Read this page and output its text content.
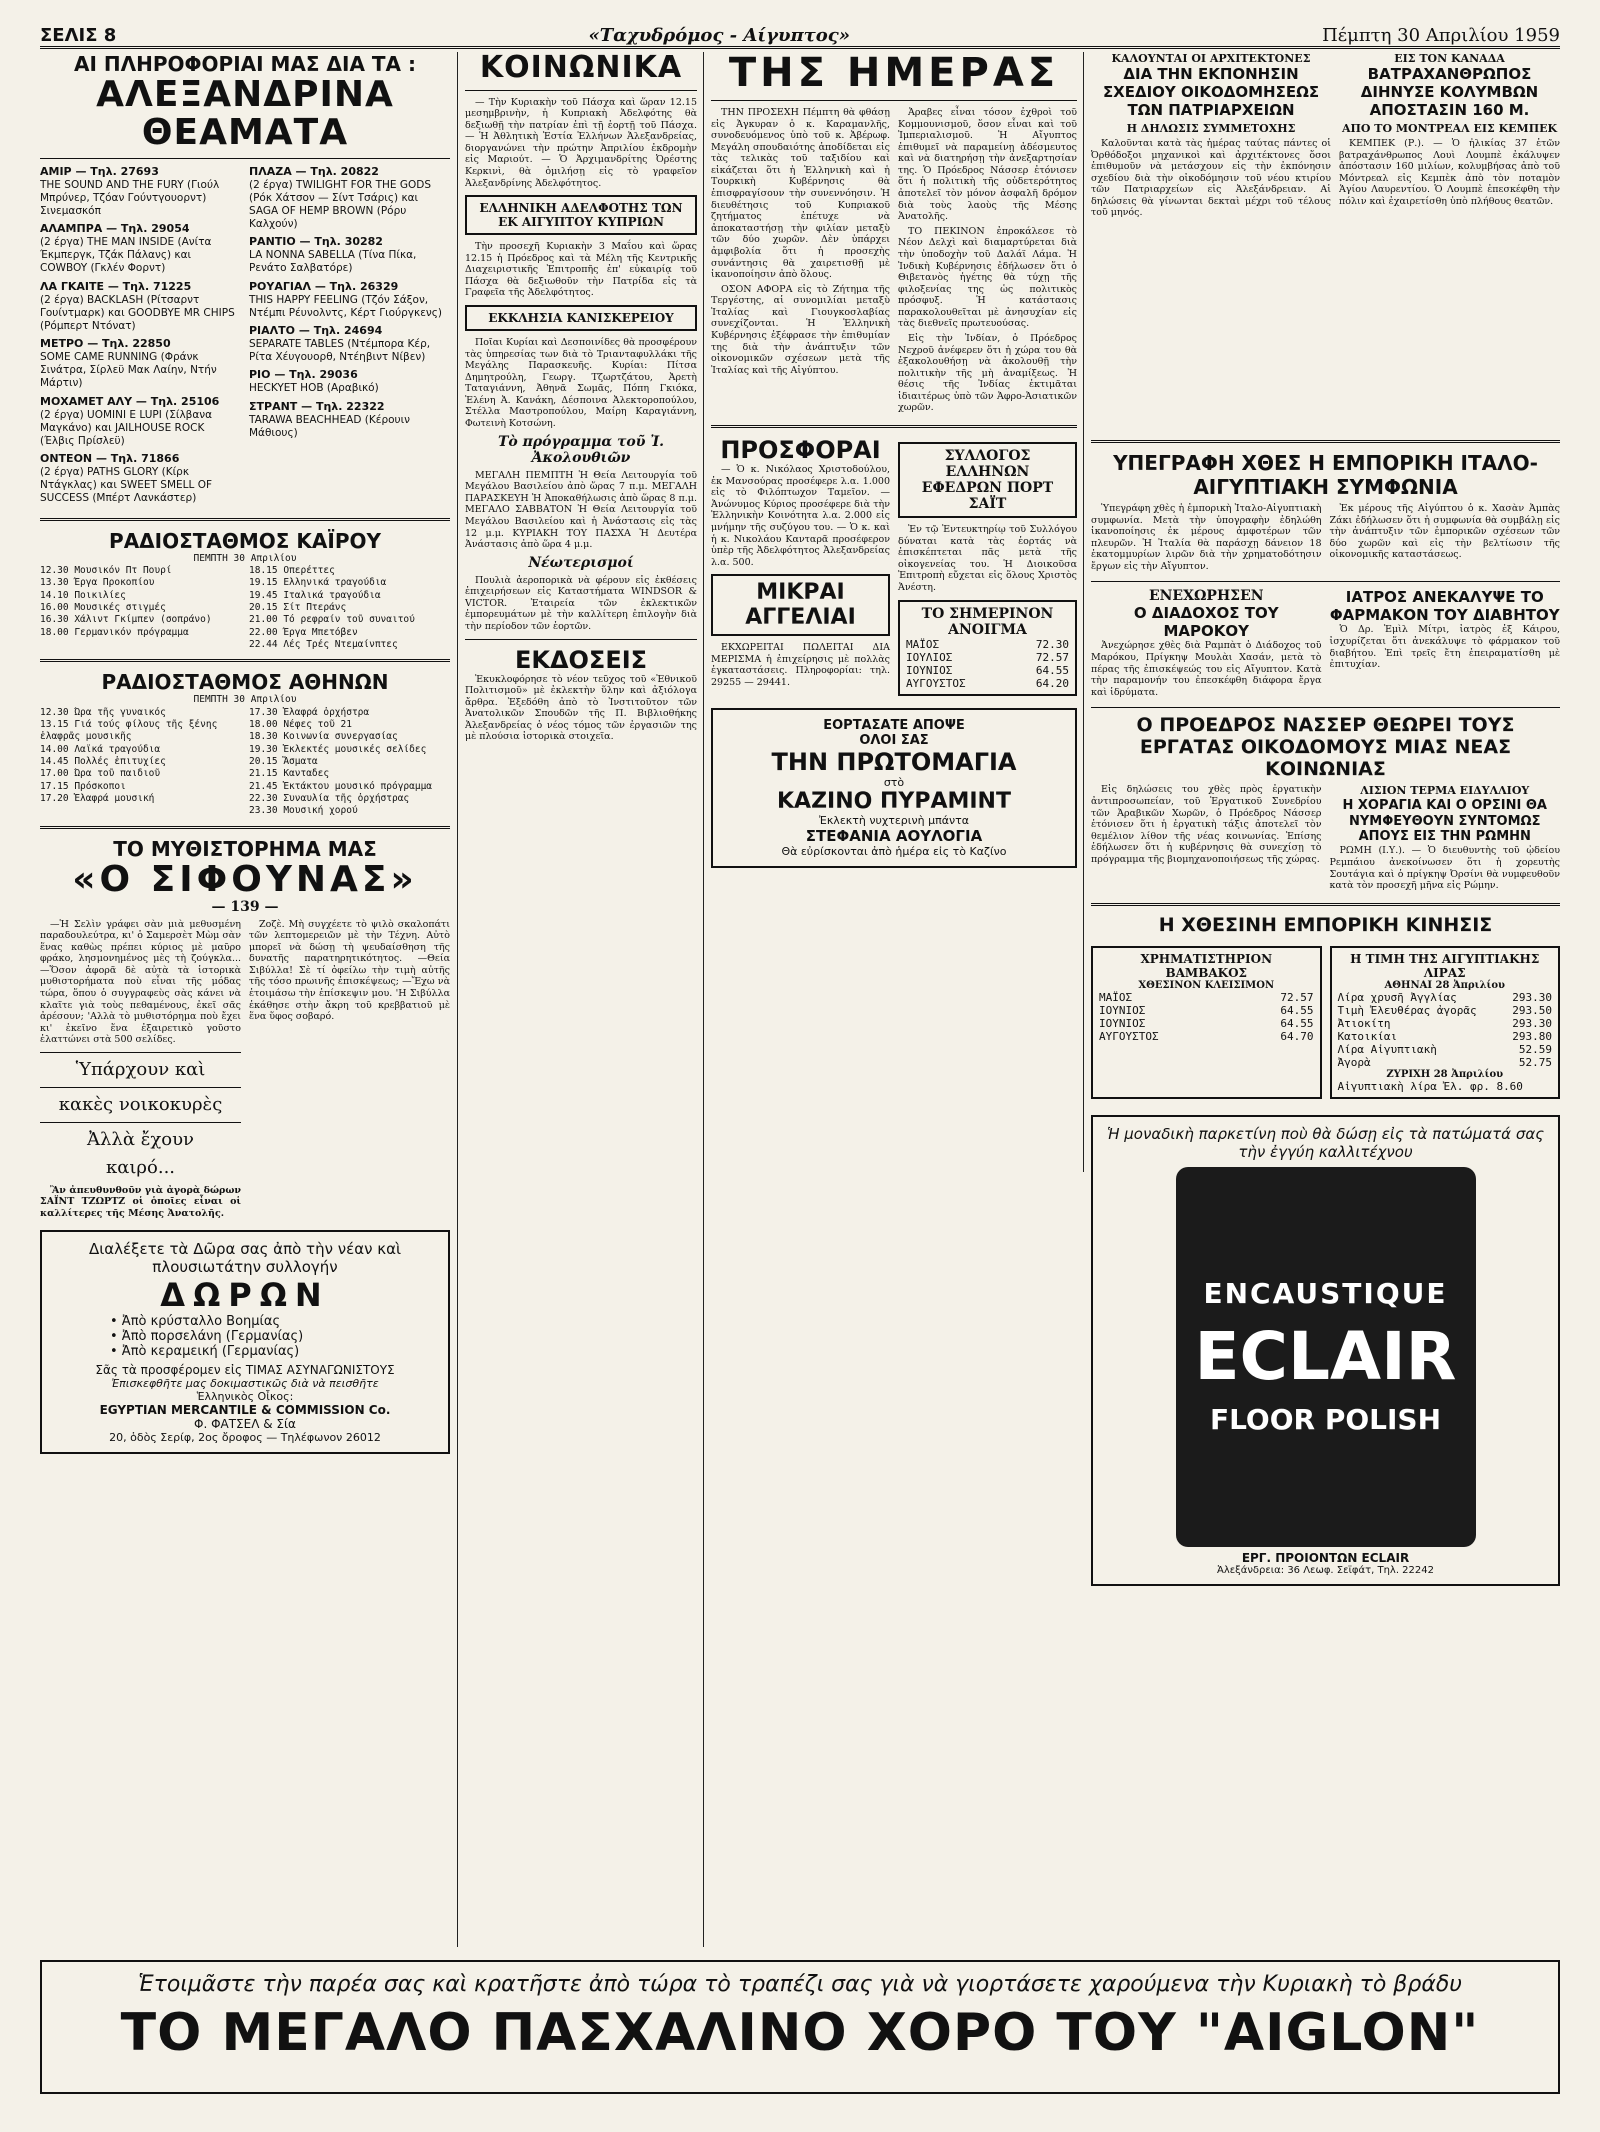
ΣΕΛΙΣ 8	«Ταχυδρόμος - Αίγυπτος»	Πέμπτη 30 Απριλίου 1959
ΑΙ ΠΛΗΡΟΦΟΡΙΑΙ ΜΑΣ ΔΙΑ ΤΑ :
ΑΛΕΞΑΝΔΡΙΝΑ ΘΕΑΜΑΤΑ
ΑΜΙΡ — Τηλ. 27693
THE SOUND AND THE FURY (Γιούλ Μπρύνερ, Τζόαν Γούντγουορντ) Σινεμασκόπ
ΑΛΑΜΠΡΑ — Τηλ. 29054
(2 έργα) THE MAN INSIDE (Ανίτα Έκμπεργκ, Τζάκ Πάλανς) και COWBOY (Γκλέν Φορντ)
ΛΑ ΓΚΑΙΤΕ — Τηλ. 71225
(2 έργα) BACKLASH (Ρίτσαρντ Γουίντμαρκ) και GOODBYE MR CHIPS (Ρόμπερτ Ντόνατ)
ΜΕΤΡΟ — Τηλ. 22850
SOME CAME RUNNING (Φράνκ Σινάτρα, Σίρλεϋ Μακ Λαίην, Ντήν Μάρτιν)
ΜΟΧΑΜΕΤ ΑΛΥ — Τηλ. 25106
(2 έργα) UOMINI E LUPI (Σίλβανα Μαγκάνο) και JAILHOUSE ROCK (Έλβις Πρίσλεϋ)
ΟΝΤΕΟΝ — Τηλ. 71866
(2 έργα) PATHS GLORY (Κίρκ Ντάγκλας) και SWEET SMELL OF SUCCESS (Μπέρτ Λανκάστερ)
ΠΛΑΖΑ — Τηλ. 20822
(2 έργα) TWILIGHT FOR THE GODS (Ρόκ Χάτσον — Σίντ Τσάρις) και SAGA OF HEMP BROWN (Ρόρυ Καλχούν)
ΡΑΝΤΙΟ — Τηλ. 30282
LA NONNA SABELLA (Τίνα Πίκα, Ρενάτο Σαλβατόρε)
ΡΟΥΑΓΙΑΛ — Τηλ. 26329
THIS HAPPY FEELING (Τζόν Σάξον, Ντέμπι Ρέυνολντς, Κέρτ Γιούργκενς)
ΡΙΑΛΤΟ — Τηλ. 24694
SEPARATE TABLES (Ντέμπορα Κέρ, Ρίτα Χέυγουορθ, Ντέηβιντ Νίβεν)
ΡΙΟ — Τηλ. 29036
HECKYET HOB (Αραβικό)
ΣΤΡΑΝΤ — Τηλ. 22322
TARAWA BEACHHEAD (Κέρουιν Μάθιους)
ΡΑΔΙΟΣΤΑΘΜΟΣ ΚΑΪΡΟΥ
ΠΕΜΠΤΗ 30 Απριλίου
12.30 Μουσικόν Πτ Πουρί
13.30 Έργα Προκοπίου
14.10 Ποικιλίες
16.00 Μουσικές στιγμές
16.30 Χάλιντ Γκίμπεν (σοπράνο)
18.00 Γερμανικόν πρόγραμμα
18.15 Οπερέττες
19.15 Ελληνικά τραγούδια
19.45 Ιταλικά τραγούδια
20.15 Σίτ Πτεράνς
21.00 Τό ρεφραίν τοῦ συναιτού
22.00 Έργα Μπετόβεν
22.44 Λές Τρές Ντεμαίνπτες
ΡΑΔΙΟΣΤΑΘΜΟΣ ΑΘΗΝΩΝ
ΠΕΜΠΤΗ 30 Απριλίου
12.30 Ώρα τῆς γυναικός
13.15 Γιά τούς φίλους τῆς ξένης ἐλαφρᾶς μουσικῆς
14.00 Λαϊκά τραγούδια
14.45 Πολλές ἐπιτυχίες
17.00 Ώρα τοῦ παιδιοῦ
17.15 Πρόσκοποι
17.20 Ἐλαφρά μουσική
17.30 Ἐλαφρά ὀρχήστρα
18.00 Νέφες τοῦ 21
18.30 Κοινωνία συνεργασίας
19.30 Ἐκλεκτές μουσικές σελίδες
20.15 Ἄσματα
21.15 Κανταδες
21.45 Ἐκτάκτου μουσικό πρόγραμμα
22.30 Συναυλία τῆς ὀρχήστρας
23.30 Μουσική χορού
ΤΟ ΜΥΘΙΣΤΟΡΗΜΑ ΜΑΣ
«Ο ΣΙΦΟΥΝΑΣ»
— 139 —

—Ἡ Σελὶν γράφει σὰν μιὰ μεθυσμένη παραδουλεύτρα, κι' ὁ Σαμερσὲτ Μὼμ σὰν ἕνας καθὼς πρέπει κύριος μὲ μαῦρο φράκο, λησμονημένος μὲς τὴ ζούγκλα... —Ὅσον ἀφορᾶ δὲ αὐτὰ τὰ ἱστορικὰ μυθιστορήματα ποὺ εἶναι τῆς μόδας τώρα, ὅπου ὁ συγγραφεὺς σὰς κάνει νὰ κλαῖτε γιὰ τοὺς πεθαμένους, ἐκεῖ σᾶς ἀρέσουν; 'Αλλὰ τὸ μυθιστόρημα ποὺ ἔχει κι' ἐκεῖνο ἕνα ἐξαιρετικὸ γοῦστο ἐλαττώνει στὰ 500 σελίδες.

Ὑπάρχουν καὶ
κακὲς νοικοκυρὲς
Ἀλλὰ ἔχουν
καιρό...

Ἂν ἀπευθυνθοῦν γιὰ ἀγορὰ δώρων ΣΑΪΝΤ ΤΖΩΡΤΖ οἱ ὁποῖες εἶναι οἱ καλλίτερες τῆς Μέσης Ἀνατολῆς.

Ζοζὲ. Μὴ συγχέετε τὸ ψιλὸ σκαλοπάτι τῶν λεπτομερειῶν μὲ τὴν Τέχνη. Αὐτὸ μπορεῖ νὰ δώσῃ τὴ ψευδαίσθηση τῆς δυνατῆς παρατηρητικότητος. —Θεία Σιβύλλα! Σὲ τί ὀφείλω τὴν τιμὴ αὐτῆς τῆς τόσο πρωινῆς ἐπισκέψεως; —Ἔχω νὰ ἐτοιμάσω τὴν ἐπίσκεψιν μου. 'Η Σιβύλλα ἐκάθησε στὴν ἄκρη τοῦ κρεββατιοῦ μὲ ἕνα ὕφος σοβαρό.

Διαλέξετε τὰ Δῶρα σας ἀπὸ τὴν νέαν καὶ πλουσιωτάτην συλλογήν
ΔΩΡΩΝ
• Ἀπὸ κρύσταλλο Βοημίας
• Ἀπὸ πορσελάνη (Γερμανίας)
• Ἀπὸ κεραμεική (Γερμανίας)
Σᾶς τὰ προσφέρομεν εἰς ΤΙΜΑΣ ΑΣΥΝΑΓΩΝΙΣΤΟΥΣ
Ἐπισκεφθῆτε μας δοκιμαστικῶς διὰ νὰ πεισθῆτε
Ἑλληνικὸς Οἶκος:
EGYPTIAN MERCANTILE & COMMISSION Co.
Φ. ΦΑΤΣΕΛ & Σία
20, ὁδὸς Σερίφ, 2ος ὄροφος — Τηλέφωνον 26012
ΚΟΙΝΩΝΙΚΑ

— Τὴν Κυριακὴν τοῦ Πάσχα καὶ ὥραν 12.15 μεσημβρινὴν, ἡ Κυπριακὴ Ἀδελφότης θὰ δεξιωθῇ τὴν πατρίαν ἐπὶ τῇ ἑορτῇ τοῦ Πάσχα. — Ἡ Ἀθλητικὴ Ἑστία Ἑλλήνων Ἀλεξανδρείας, διοργανώνει τὴν πρώτην Ἀπριλίου ἐκδρομὴν εἰς Μαριούτ. — Ὁ Ἀρχιμανδρίτης Ὀρέστης Κερκινὶ, θὰ ὁμιλήσῃ εἰς τὸ γραφεῖον Ἀλεξανδρίνης Ἀδελφότητος.

ΕΛΛΗΝΙΚΗ ΑΔΕΛΦΟΤΗΣ ΤΩΝ ΕΚ ΑΙΓΥΠΤΟΥ ΚΥΠΡΙΩΝ

Τὴν προσεχῆ Κυριακὴν 3 Μαΐου καὶ ὥρας 12.15 ἡ Πρόεδρος καὶ τὰ Μέλη τῆς Κεντρικῆς Διαχειριστικῆς Ἐπιτροπῆς ἐπ' εὐκαιρίᾳ τοῦ Πάσχα θὰ δεξιωθοῦν τὴν Πατρίδα εἰς τὰ Γραφεῖα τῆς Ἀδελφότητος.

ΕΚΚΛΗΣΙΑ ΚΑΝΙΣΚΕΡΕΙΟΥ

Ποῖαι Κυρίαι καὶ Δεσποινίδες θὰ προσφέρουν τὰς ὑπηρεσίας των διὰ τὸ Τριανταφυλλάκι τῆς Μεγάλης Παρασκευῆς. Κυρίαι: Πίτσα Δημητρούλη, Γεωργ. Τζωρτζάτου, Ἀρετὴ Ταταγιάννη, Ἀθηνᾶ Σωμᾶς, Πόπη Γκιόκα, Ἐλένη Ἀ. Κανάκη, Δέσποινα Ἀλεκτοροπούλου, Στέλλα Μαστροπούλου, Μαίρη Καραγιάννη, Φωτεινὴ Κοτσώνη.

Τὸ πρόγραμμα τοῦ Ἰ. Ἀκολουθιῶν

ΜΕΓΑΛΗ ΠΕΜΠΤΗ Ἡ Θεία Λειτουργία τοῦ Μεγάλου Βασιλείου ἀπὸ ὥρας 7 π.μ. ΜΕΓΑΛΗ ΠΑΡΑΣΚΕΥΗ Ἡ Ἀποκαθήλωσις ἀπὸ ὥρας 8 π.μ. ΜΕΓΑΛΟ ΣΑΒΒΑΤΟΝ Ἡ Θεία Λειτουργία τοῦ Μεγάλου Βασιλείου καὶ ἡ Ἀνάστασις εἰς τὰς 12 μ.μ. ΚΥΡΙΑΚΗ ΤΟΥ ΠΑΣΧΑ Ἡ Δευτέρα Ἀνάστασις ἀπὸ ὥρα 4 μ.μ.

Νέωτερισμοί

Πουλιὰ ἀεροπορικὰ νὰ φέρουν εἰς ἐκθέσεις ἐπιχειρήσεων εἰς Καταστήματα WINDSOR & VICTOR. Ἑταιρεία τῶν ἐκλεκτικῶν ἐμπορευμάτων μὲ τὴν καλλίτερη ἐπιλογὴν διὰ τὴν περίοδον τῶν ἑορτῶν.

ΕΚΔΟΣΕΙΣ

Ἐκυκλοφόρησε τὸ νέον τεῦχος τοῦ «Ἐθνικοῦ Πολιτισμοῦ» μὲ ἐκλεκτὴν ὕλην καὶ ἀξιόλογα ἄρθρα. Ἐξεδόθη ἀπὸ τὸ Ἰνστιτοῦτον τῶν Ἀνατολικῶν Σπουδῶν τῆς Π. Βιβλιοθήκης Ἀλεξανδρείας ὁ νέος τόμος τῶν ἐργασιῶν της μὲ πλούσια ἱστορικὰ στοιχεῖα.

ΤΗΣ ΗΜΕΡΑΣ

ΤΗΝ ΠΡΟΣΕΧΗ Πέμπτη θὰ φθάσῃ εἰς Ἀγκυραν ὁ κ. Καραμανλῆς, συνοδευόμενος ὑπὸ τοῦ κ. Ἀβέρωφ. Μεγάλη σπουδαιότης ἀποδίδεται εἰς τὰς τελικὰς τοῦ ταξιδίου καὶ εἰκάζεται ὅτι ἡ Ἑλληνικὴ καὶ ἡ Τουρκικὴ Κυβέρνησις θὰ ἐπισφραγίσουν τὴν συνεννόησιν. Ἡ διευθέτησις τοῦ Κυπριακοῦ ζητήματος ἐπέτυχε νὰ ἀποκαταστήσῃ τὴν φιλίαν μεταξὺ τῶν δύο χωρῶν. Δὲν ὑπάρχει ἀμφιβολία ὅτι ἡ προσεχὴς συνάντησις θὰ χαιρετισθῇ μὲ ἰκανοποίησιν ἀπὸ ὅλους.

ΟΣΟΝ ΑΦΟΡΑ εἰς τὸ Ζήτημα τῆς Τεργέστης, αἱ συνομιλίαι μεταξὺ Ἰταλίας καὶ Γιουγκοσλαβίας συνεχίζονται. Ἡ Ἑλληνικὴ Κυβέρνησις ἐξέφρασε τὴν ἐπιθυμίαν της διὰ τὴν ἀνάπτυξιν τῶν οἰκονομικῶν σχέσεων μετὰ τῆς Ἰταλίας καὶ τῆς Αἰγύπτου.

Ἀραβες εἶναι τόσον ἐχθροὶ τοῦ Κομμουνισμοῦ, ὅσον εἶναι καὶ τοῦ Ἰμπεριαλισμοῦ. Ἡ Αἴγυπτος ἐπιθυμεῖ νὰ παραμείνῃ ἀδέσμευτος καὶ νὰ διατηρήσῃ τὴν ἀνεξαρτησίαν της. Ὁ Πρόεδρος Νάσσερ ἐτόνισεν ὅτι ἡ πολιτικὴ τῆς οὐδετερότητος ἀποτελεῖ τὸν μόνον ἀσφαλῆ δρόμον διὰ τοὺς λαοὺς τῆς Μέσης Ἀνατολῆς.

ΤΟ ΠΕΚΙΝΟΝ ἐπροκάλεσε τὸ Νέον Δελχὶ καὶ διαμαρτύρεται διὰ τὴν ὑποδοχὴν τοῦ Δαλάϊ Λάμα. Ἡ Ἰνδικὴ Κυβέρνησις ἐδήλωσεν ὅτι ὁ Θιβετανὸς ἡγέτης θὰ τύχῃ τῆς φιλοξενίας της ὡς πολιτικὸς πρόσφυξ. Ἡ κατάστασις παρακολουθεῖται μὲ ἀνησυχίαν εἰς τὰς διεθνεῖς πρωτευούσας.

Εἰς τὴν Ἰνδίαν, ὁ Πρόεδρος Νεχροῦ ἀνέφερεν ὅτι ἡ χώρα του θὰ ἐξακολουθήσῃ νὰ ἀκολουθῇ τὴν πολιτικὴν τῆς μὴ ἀναμίξεως. Ἡ θέσις τῆς Ἰνδίας ἐκτιμᾶται ἰδιαιτέρως ὑπὸ τῶν Ἀφρο-Ἀσιατικῶν χωρῶν.

ΠΡΟΣΦΟΡΑΙ

— Ὁ κ. Νικόλαος Χριστοδούλου, ἐκ Μανσούρας προσέφερε λ.α. 1.000 εἰς τὸ Φιλόπτωχον Ταμεῖον. — Ἀνώνυμος Κύριος προσέφερε διὰ τὴν Ἑλληνικὴν Κοινότητα λ.α. 2.000 εἰς μνήμην τῆς συζύγου του. — Ὁ κ. καὶ ἡ κ. Νικολάου Κανταρᾶ προσέφερον ὑπὲρ τῆς Ἀδελφότητος Ἀλεξανδρείας λ.α. 500.

ΜΙΚΡΑΙ ΑΓΓΕΛΙΑΙ

ΕΚΧΩΡΕΙΤΑΙ ΠΩΛΕΙΤΑΙ ΔΙΑ ΜΕΡΙΣΜΑ ἡ ἐπιχείρησις μὲ πολλὰς ἐγκαταστάσεις. Πληροφορίαι: τηλ. 29255 — 29441.

ΣΥΛΛΟΓΟΣ ΕΛΛΗΝΩΝ ΕΦΕΔΡΩΝ ΠΟΡΤ ΣΑΪΤ

Ἐν τῷ Ἐντευκτηρίῳ τοῦ Συλλόγου δύναται κατὰ τὰς ἑορτάς νὰ ἐπισκέπτεται πᾶς μετὰ τῆς οἰκογενείας του. Ἡ Διοικοῦσα Ἐπιτροπὴ εὔχεται εἰς ὅλους Χριστὸς Ἀνέστη.

ΤΟ ΣΗΜΕΡΙΝΟΝ ΑΝΟΙΓΜΑ
ΜΑΪΟΣ	72.30
ΙΟΥΛΙΟΣ	72.57
ΙΟΥΝΙΟΣ	64.55
ΑΥΓΟΥΣΤΟΣ	64.20
ΕΟΡΤΑΣΑΤΕ ΑΠΟΨΕ
ΟΛΟΙ ΣΑΣ
ΤΗΝ ΠΡΩΤΟΜΑΓΙΑ
στὸ
ΚΑΖΙΝΟ ΠΥΡΑΜΙΝΤ
Ἐκλεκτὴ νυχτερινὴ μπάντα
ΣΤΕΦΑΝΙΑ ΑΟΥΛΟΓΙΑ
Θὰ εὐρίσκονται ἀπὸ ἡμέρα εἰς τὸ Καζίνο
ΚΑΛΟΥΝΤΑΙ ΟΙ ΑΡΧΙΤΕΚΤΟΝΕΣ
ΔΙΑ ΤΗΝ ΕΚΠΟΝΗΣΙΝ ΣΧΕΔΙΟΥ ΟΙΚΟΔΟΜΗΣΕΩΣ ΤΩΝ ΠΑΤΡΙΑΡΧΕΙΩΝ
Η ΔΗΛΩΣΙΣ ΣΥΜΜΕΤΟΧΗΣ

Καλοῦνται κατὰ τὰς ἡμέρας ταύτας πάντες οἱ Ὀρθόδοξοι μηχανικοὶ καὶ ἀρχιτέκτονες ὅσοι ἐπιθυμοῦν νὰ μετάσχουν εἰς τὴν ἐκπόνησιν σχεδίου διὰ τὴν οἰκοδόμησιν τοῦ νέου κτιρίου τῶν Πατριαρχείων εἰς Ἀλεξάνδρειαν. Αἱ δηλώσεις θὰ γίνωνται δεκταὶ μέχρι τοῦ τέλους τοῦ μηνός.

ΕΙΣ ΤΟΝ ΚΑΝΑΔΑ
ΒΑΤΡΑΧΑΝΘΡΩΠΟΣ ΔΙΗΝΥΣΕ ΚΟΛΥΜΒΩΝ ΑΠΟΣΤΑΣΙΝ 160 Μ.
ΑΠΟ ΤΟ ΜΟΝΤΡΕΑΛ ΕΙΣ ΚΕΜΠΕΚ

ΚΕΜΠΕΚ (Ρ.). — Ὁ ἠλικίας 37 ἐτῶν βατραχάνθρωπος Λουὶ Λουμπὲ ἐκάλυψεν ἀπόστασιν 160 μιλίων, κολυμβήσας ἀπὸ τοῦ Μόντρεαλ εἰς Κεμπὲκ ἀπὸ τὸν ποταμὸν Ἁγίου Λαυρεντίου. Ὁ Λουμπὲ ἐπεσκέφθη τὴν πόλιν καὶ ἐχαιρετίσθη ὑπὸ πλήθους θεατῶν.

ΥΠΕΓΡΑΦΗ ΧΘΕΣ Η ΕΜΠΟΡΙΚΗ ΙΤΑΛΟ-ΑΙΓΥΠΤΙΑΚΗ ΣΥΜΦΩΝΙΑ

Ὑπεγράφη χθὲς ἡ ἐμπορικὴ Ἰταλο-Αἰγυπτιακὴ συμφωνία. Μετὰ τὴν ὑπογραφὴν ἐδηλώθη ἱκανοποίησις ἐκ μέρους ἀμφοτέρων τῶν πλευρῶν. Ἡ Ἰταλία θὰ παράσχῃ δάνειον 18 ἑκατομμυρίων λιρῶν διὰ τὴν χρηματοδότησιν ἔργων εἰς τὴν Αἴγυπτον.

Ἐκ μέρους τῆς Αἰγύπτου ὁ κ. Χασὰν Ἀμπὰς Ζάκι ἐδήλωσεν ὅτι ἡ συμφωνία θὰ συμβάλῃ εἰς τὴν ἀνάπτυξιν τῶν ἐμπορικῶν σχέσεων τῶν δύο χωρῶν καὶ εἰς τὴν βελτίωσιν τῆς οἰκονομικῆς καταστάσεως.

ΕΝΕΧΩΡΗΣΕΝ
Ο ΔΙΑΔΟΧΟΣ ΤΟΥ ΜΑΡΟΚΟΥ

Ἀνεχώρησε χθὲς διὰ Ραμπὰτ ὁ Διάδοχος τοῦ Μαρόκου, Πρίγκηψ Μουλὰι Χασάν, μετὰ τὸ πέρας τῆς ἐπισκέψεώς του εἰς Αἴγυπτον. Κατὰ τὴν παραμονήν του ἐπεσκέφθη διάφορα ἔργα καὶ ἱδρύματα.

ΙΑΤΡΟΣ ΑΝΕΚΑΛΥΨΕ ΤΟ ΦΑΡΜΑΚΟΝ ΤΟΥ ΔΙΑΒΗΤΟΥ

Ὁ Δρ. Ἐμὶλ Μίτρι, ἰατρὸς ἐξ Κάιρου, ἰσχυρίζεται ὅτι ἀνεκάλυψε τὸ φάρμακον τοῦ διαβήτου. Ἐπὶ τρεῖς ἔτη ἐπειραματίσθη μὲ ἐπιτυχίαν.

Ο ΠΡΟΕΔΡΟΣ ΝΑΣΣΕΡ ΘΕΩΡΕΙ ΤΟΥΣ ΕΡΓΑΤΑΣ ΟΙΚΟΔΟΜΟΥΣ ΜΙΑΣ ΝΕΑΣ ΚΟΙΝΩΝΙΑΣ

Εἰς δηλώσεις του χθὲς πρὸς ἐργατικὴν ἀντιπροσωπείαν, τοῦ Ἐργατικοῦ Συνεδρίου τῶν Ἀραβικῶν Χωρῶν, ὁ Πρόεδρος Νάσσερ ἐτόνισεν ὅτι ἡ ἐργατικὴ τάξις ἀποτελεῖ τὸν θεμέλιον λίθον τῆς νέας κοινωνίας. Ἐπίσης ἐδήλωσεν ὅτι ἡ κυβέρνησις θὰ συνεχίσῃ τὸ πρόγραμμα τῆς βιομηχανοποιήσεως τῆς χώρας.

ΛΙΣΙΟΝ ΤΕΡΜΑ ΕΙΔΥΛΛΙΟΥ
Η ΧΟΡΑΓΙΑ ΚΑΙ Ο ΟΡΣΙΝΙ ΘΑ ΝΥΜΦΕΥΘΟΥΝ ΣΥΝΤΟΜΩΣ ΑΠΟΥΣ ΕΙΣ ΤΗΝ ΡΩΜΗΝ

ΡΩΜΗ (Ι.Υ.). — Ὁ διευθυντὴς τοῦ ᾠδείου Ρεμπάιου ἀνεκοίνωσεν ὅτι ἡ χορευτὴς Σουτάγια καὶ ὁ πρίγκηψ Ὀρσίνι θὰ νυμφευθοῦν κατὰ τὸν προσεχῆ μῆνα εἰς Ρώμην.

Η ΧΘΕΣΙΝΗ ΕΜΠΟΡΙΚΗ ΚΙΝΗΣΙΣ
ΧΡΗΜΑΤΙΣΤΗΡΙΟΝ ΒΑΜΒΑΚΟΣ
ΧΘΕΣΙΝΟΝ ΚΛΕΙΣΙΜΟΝ
ΜΑΪΟΣ	72.57
ΙΟΥΝΙΟΣ	64.55
ΙΟΥΝΙΟΣ	64.55
ΑΥΓΟΥΣΤΟΣ	64.70
Η ΤΙΜΗ ΤΗΣ ΑΙΓΥΠΤΙΑΚΗΣ ΛΙΡΑΣ
ΑΘΗΝΑΙ 28 Ἀπριλίου
Λίρα χρυσῆ Ἀγγλίας	293.30
Τιμὴ Ἐλευθέρας ἀγορᾶς	293.50
Ἀτιοκίτη	293.30
Κατοικίαι	293.80
Λίρα Αἰγυπτιακὴ	52.59
Ἀγορὰ	52.75
ΖΥΡΙΧΗ 28 Ἀπριλίου
Αἰγυπτιακὴ λίρα Ἐλ. φρ. 8.60
Ἡ μοναδικὴ παρκετίνη ποὺ θὰ δώσῃ εἰς τὰ πατώματά σας τὴν ἐγγύη καλλιτέχνου
ENCAUSTIQUE
ECLAIR
FLOOR POLISH
ΕΡΓ. ΠΡΟΙΟΝΤΩΝ ECLAIR
Ἀλεξάνδρεια: 36 Λεωφ. Σεϊφάτ, Τηλ. 22242
Ἑτοιμᾶστε τὴν παρέα σας καὶ κρατῆστε ἀπὸ τώρα τὸ τραπέζι σας γιὰ νὰ γιορτάσετε χαρούμενα τὴν Κυριακὴ τὸ βράδυ
ΤΟ ΜΕΓΑΛΟ ΠΑΣΧΑΛΙΝΟ ΧΟΡΟ ΤΟΥ "AIGLON"
